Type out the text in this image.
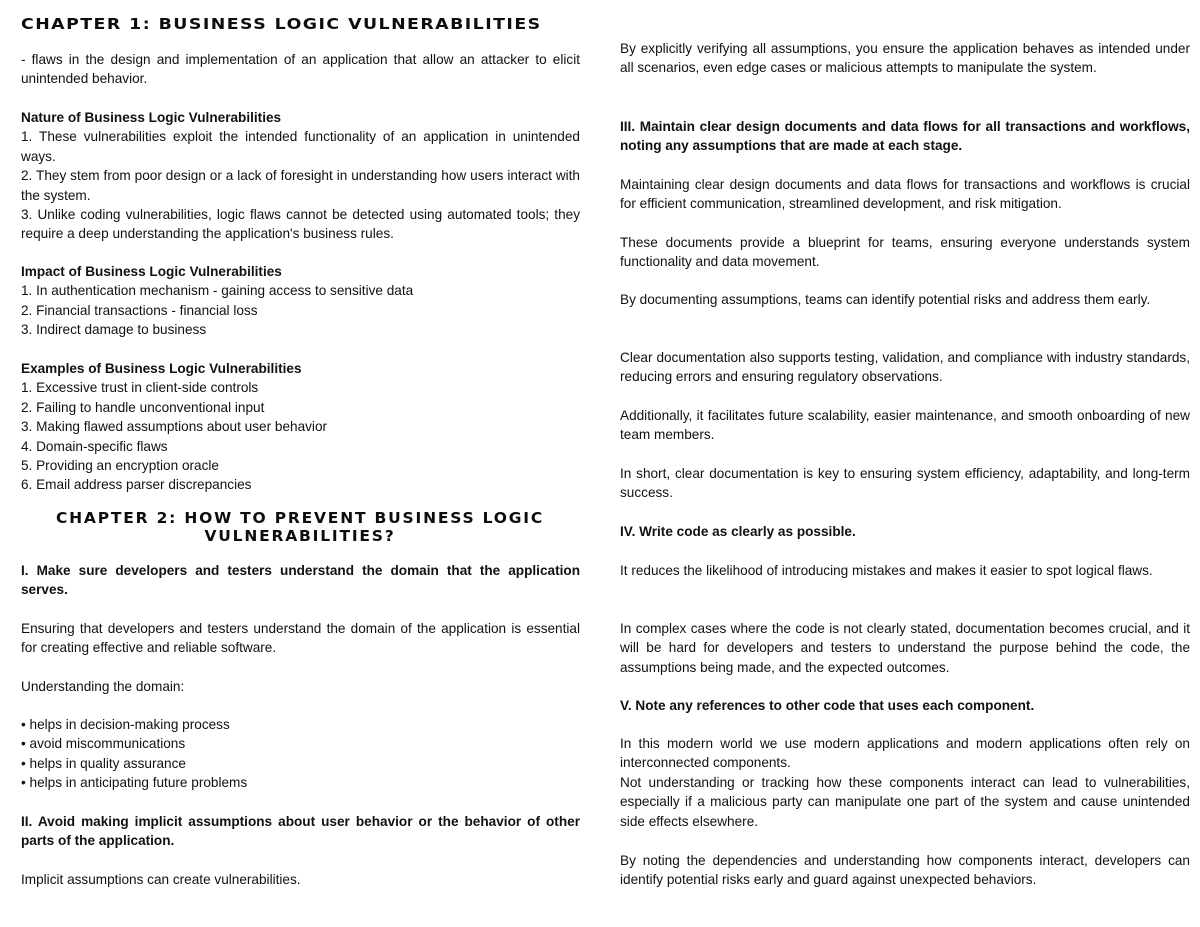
CHAPTER 1: BUSINESS LOGIC VULNERABILITIES

- flaws in the design and implementation of an application that allow an attacker to elicit unintended behavior.

Nature of Business Logic Vulnerabilities
1. These vulnerabilities exploit the intended functionality of an application in unintended ways.
2. They stem from poor design or a lack of foresight in understanding how users interact with the system.
3. Unlike coding vulnerabilities, logic flaws cannot be detected using automated tools; they require a deep understanding the application's business rules.
Impact of Business Logic Vulnerabilities
1. In authentication mechanism - gaining access to sensitive data
2. Financial transactions - financial loss
3. Indirect damage to business
Examples of Business Logic Vulnerabilities
1. Excessive trust in client-side controls
2. Failing to handle unconventional input
3. Making flawed assumptions about user behavior
4. Domain-specific flaws
5. Providing an encryption oracle
6. Email address parser discrepancies
CHAPTER 2: HOW TO PREVENT BUSINESS LOGIC VULNERABILITIES?

I. Make sure developers and testers understand the domain that the application serves.

Ensuring that developers and testers understand the domain of the application is essential for creating effective and reliable software.

Understanding the domain:

• helps in decision-making process
• avoid miscommunications
• helps in quality assurance
• helps in anticipating future problems

II. Avoid making implicit assumptions about user behavior or the behavior of other parts of the application.

Implicit assumptions can create vulnerabilities.

By explicitly verifying all assumptions, you ensure the application behaves as intended under all scenarios, even edge cases or malicious attempts to manipulate the system.

III. Maintain clear design documents and data flows for all transactions and workflows, noting any assumptions that are made at each stage.

Maintaining clear design documents and data flows for transactions and workflows is crucial for efficient communication, streamlined development, and risk mitigation.

These documents provide a blueprint for teams, ensuring everyone understands system functionality and data movement.

By documenting assumptions, teams can identify potential risks and address them early.

Clear documentation also supports testing, validation, and compliance with industry standards, reducing errors and ensuring regulatory observations.

Additionally, it facilitates future scalability, easier maintenance, and smooth onboarding of new team members.

In short, clear documentation is key to ensuring system efficiency, adaptability, and long-term success.

IV. Write code as clearly as possible.

It reduces the likelihood of introducing mistakes and makes it easier to spot logical flaws.

In complex cases where the code is not clearly stated, documentation becomes crucial, and it will be hard for developers and testers to understand the purpose behind the code, the assumptions being made, and the expected outcomes.

V. Note any references to other code that uses each component.

In this modern world we use modern applications and modern applications often rely on interconnected components.

Not understanding or tracking how these components interact can lead to vulnerabilities, especially if a malicious party can manipulate one part of the system and cause unintended side effects elsewhere.

By noting the dependencies and understanding how components interact, developers can identify potential risks early and guard against unexpected behaviors.
